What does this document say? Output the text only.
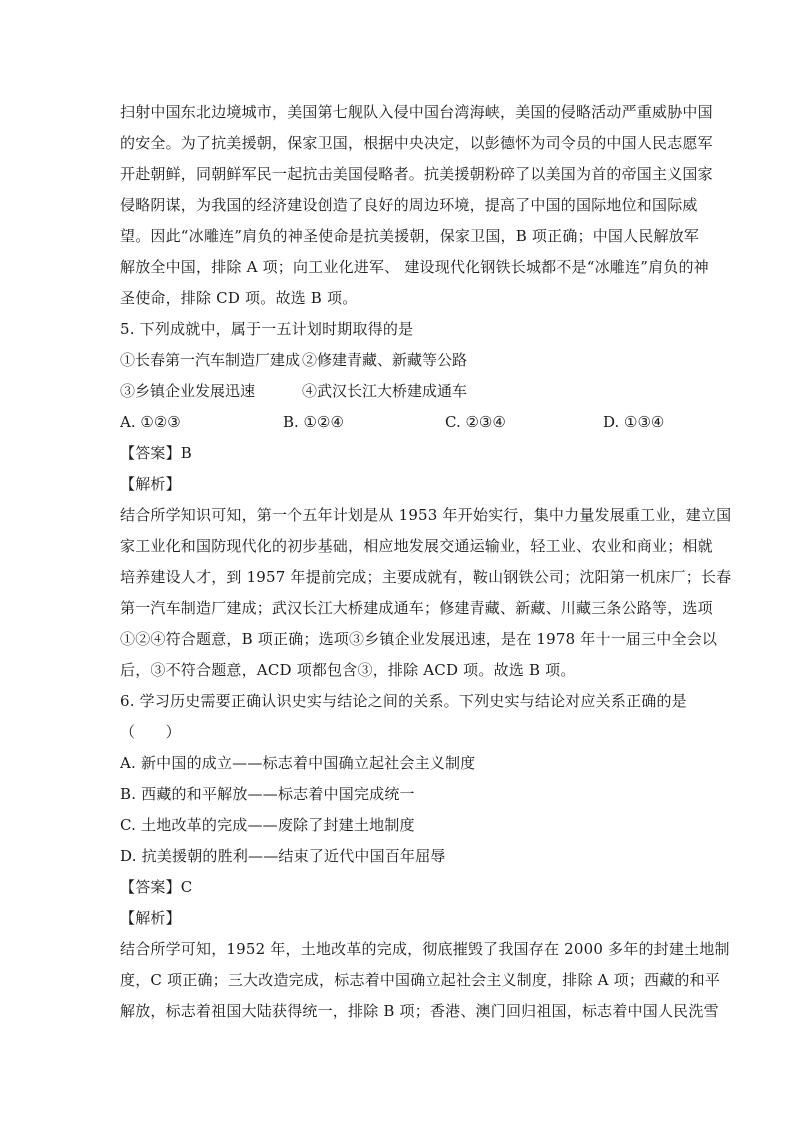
扫射中国东北边境城市，美国第七舰队入侵中国台湾海峡，美国的侵略活动严重威胁中国
的安全。为了抗美援朝，保家卫国，根据中央决定，以彭德怀为司令员的中国人民志愿军
开赴朝鲜，同朝鲜军民一起抗击美国侵略者。抗美援朝粉碎了以美国为首的帝国主义国家
侵略阴谋，为我国的经济建设创造了良好的周边环境，提高了中国的国际地位和国际威
望。因此“冰雕连”肩负的神圣使命是抗美援朝，保家卫国，B 项正确；中国人民解放军
解放全中国，排除 A 项；向工业化进军、 建设现代化钢铁长城都不是“冰雕连”肩负的神
圣使命，排除 CD 项。故选 B 项。
5. 下列成就中，属于一五计划时期取得的是
①长春第一汽车制造厂建成 ②修建青藏、新藏等公路
③乡镇企业发展迅速	④武汉长江大桥建成通车
A. ①②③	B. ①②④	C. ②③④	D. ①③④
【答案】B
【解析】
结合所学知识可知，第一个五年计划是从 1953 年开始实行，集中力量发展重工业，建立国
家工业化和国防现代化的初步基础，相应地发展交通运输业，轻工业、农业和商业；相就
培养建设人才，到 1957 年提前完成；主要成就有，鞍山钢铁公司；沈阳第一机床厂；长春
第一汽车制造厂建成；武汉长江大桥建成通车；修建青藏、新藏、川藏三条公路等，选项
①②④符合题意，B 项正确；选项③乡镇企业发展迅速，是在 1978 年十一届三中全会以
后，③不符合题意，ACD 项都包含③，排除 ACD 项。故选 B 项。
6. 学习历史需要正确认识史实与结论之间的关系。下列史实与结论对应关系正确的是
（　　）
A. 新中国的成立——标志着中国确立起社会主义制度
B. 西藏的和平解放——标志着中国完成统一
C. 土地改革的完成——废除了封建土地制度
D. 抗美援朝的胜利——结束了近代中国百年屈辱
【答案】C
【解析】
结合所学可知，1952 年，土地改革的完成，彻底摧毁了我国存在 2000 多年的封建土地制
度，C 项正确；三大改造完成，标志着中国确立起社会主义制度，排除 A 项；西藏的和平
解放，标志着祖国大陆获得统一，排除 B 项；香港、澳门回归祖国，标志着中国人民洗雪
